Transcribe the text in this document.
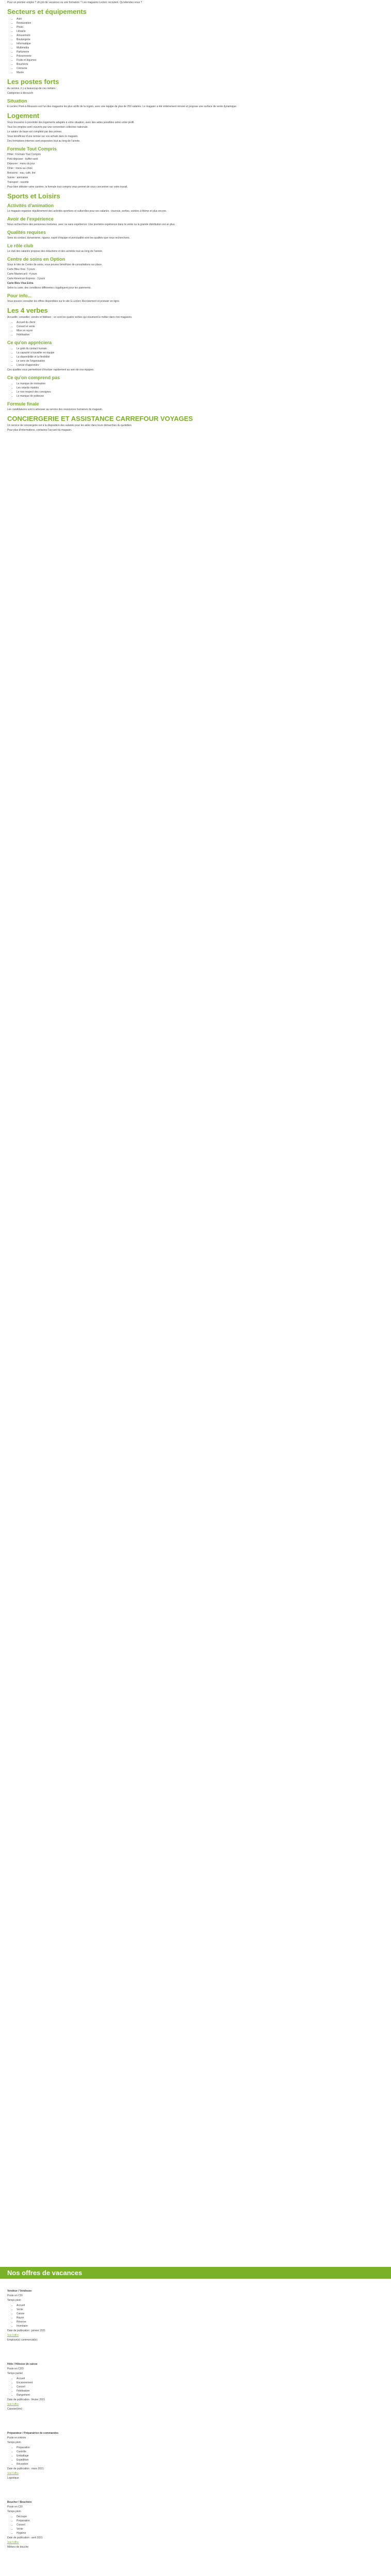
Pour un premier emploi ? Un job de vacances ou une formation ? Les magasins Leclerc recrutent. Qu'attendez-vous ?

Secteurs et équipements
• Auto
• Restauration
• Photo
• Librairie
• Amusement
• Boulangerie
• Informatique
• Multimédia
• Parfumerie
• Poissonnerie
• Fruits et légumes
• Boucherie
• Crémerie
• Marée
Les postes forts

Au service, il y a beaucoup de ces métiers :

Catégories à découvrir

Situation

E.Leclerc Pont-à-Mousson est l'un des magasins les plus actifs de la région, avec une équipe de plus de 250 salariés. Le magasin a été entièrement rénové et propose une surface de vente dynamique.

Logement

Vous trouverez à proximité des logements adaptés à votre situation, avec des aides possibles selon votre profil.

Tous les emplois sont couverts par une convention collective nationale.

Le salaire de base est complété par des primes.

Vous bénéficiez d'une remise sur vos achats dans le magasin.

Des formations internes sont proposées tout au long de l'année.

Formule Tout Compris

Hôtel : Formule Tout Compris

Petit déjeuner : buffet varié

Déjeuner : menu du jour

Dîner : menu au choix

Boissons : eau, café, thé

Soirée : animation

Transport : navette

Pour bien débuter votre carrière, la formule tout compris vous permet de vous concentrer sur votre travail.

Sports et Loisirs
Activités d'animation

Le magasin organise régulièrement des activités sportives et culturelles pour ses salariés : tournois, sorties, soirées à thème et plus encore.

Avoir de l'expérience

Nous recherchons des personnes motivées, avec ou sans expérience. Une première expérience dans la vente ou la grande distribution est un plus.

Qualités requises

Sens du contact, dynamisme, rigueur, esprit d'équipe et ponctualité sont les qualités que nous recherchons.

Le rôle club

Le club des salariés propose des réductions et des activités tout au long de l'année.

Centre de soins en Option

Sous le titre de Centre de soins, vous pouvez bénéficier de consultations sur place.

Carte Bleu Visa : 5 jours

Carte Mastercard : 4 jours

Carte American Express : 3 jours

Carte Bleu Visa Extra

Selon la carte, des conditions différentes s'appliquent pour les paiements.

Pour info...

Vous pouvez consulter les offres disponibles sur le site E.Leclerc Recrutement et postuler en ligne.

Les 4 verbes

Accueillir, conseiller, vendre et fidéliser : ce sont les quatre verbes qui résument le métier dans nos magasins.

• Accueil du client
• Conseil et vente
• Mise en rayon
• Fidélisation
Ce qu'on appréciera
• Le goût du contact humain
• La capacité à travailler en équipe
• La disponibilité et la flexibilité
• Le sens de l'organisation
• L'envie d'apprendre

Ces qualités vous permettront d'évoluer rapidement au sein de nos équipes.

Ce qu'on comprend pas
• Le manque de motivation
• Les retards répétés
• Le non-respect des consignes
• Le manque de politesse
Formule finale

Les candidatures sont à adresser au service des ressources humaines du magasin.

CONCIERGERIE ET ASSISTANCE CARREFOUR VOYAGES

Un service de conciergerie est à la disposition des salariés pour les aider dans leurs démarches du quotidien.

Pour plus d'informations, contactez l'accueil du magasin.

Nos offres de vacances
Vendeur / Vendeuse
Poste en CDI
Temps plein
• Accueil
• Vente
• Caisse
• Rayon
• Réserve
• Inventaire
Date de publication : janvier 2021
Voir l'offre
Employé(e) commercial(e)
Hôte / Hôtesse de caisse
Poste en CDD
Temps partiel
• Accueil
• Encaissement
• Conseil
• Fidélisation
• Rangement
Date de publication : février 2021
Voir l'offre
Caissier(ère)
Préparateur / Préparatrice de commandes
Poste en intérim
Temps plein
• Préparation
• Contrôle
• Emballage
• Expédition
• Réception
Date de publication : mars 2021
Voir l'offre
Logistique
Boucher / Bouchère
Poste en CDI
Temps plein
• Découpe
• Préparation
• Conseil
• Vente
• Hygiène
Date de publication : avril 2021
Voir l'offre
Métiers de bouche
